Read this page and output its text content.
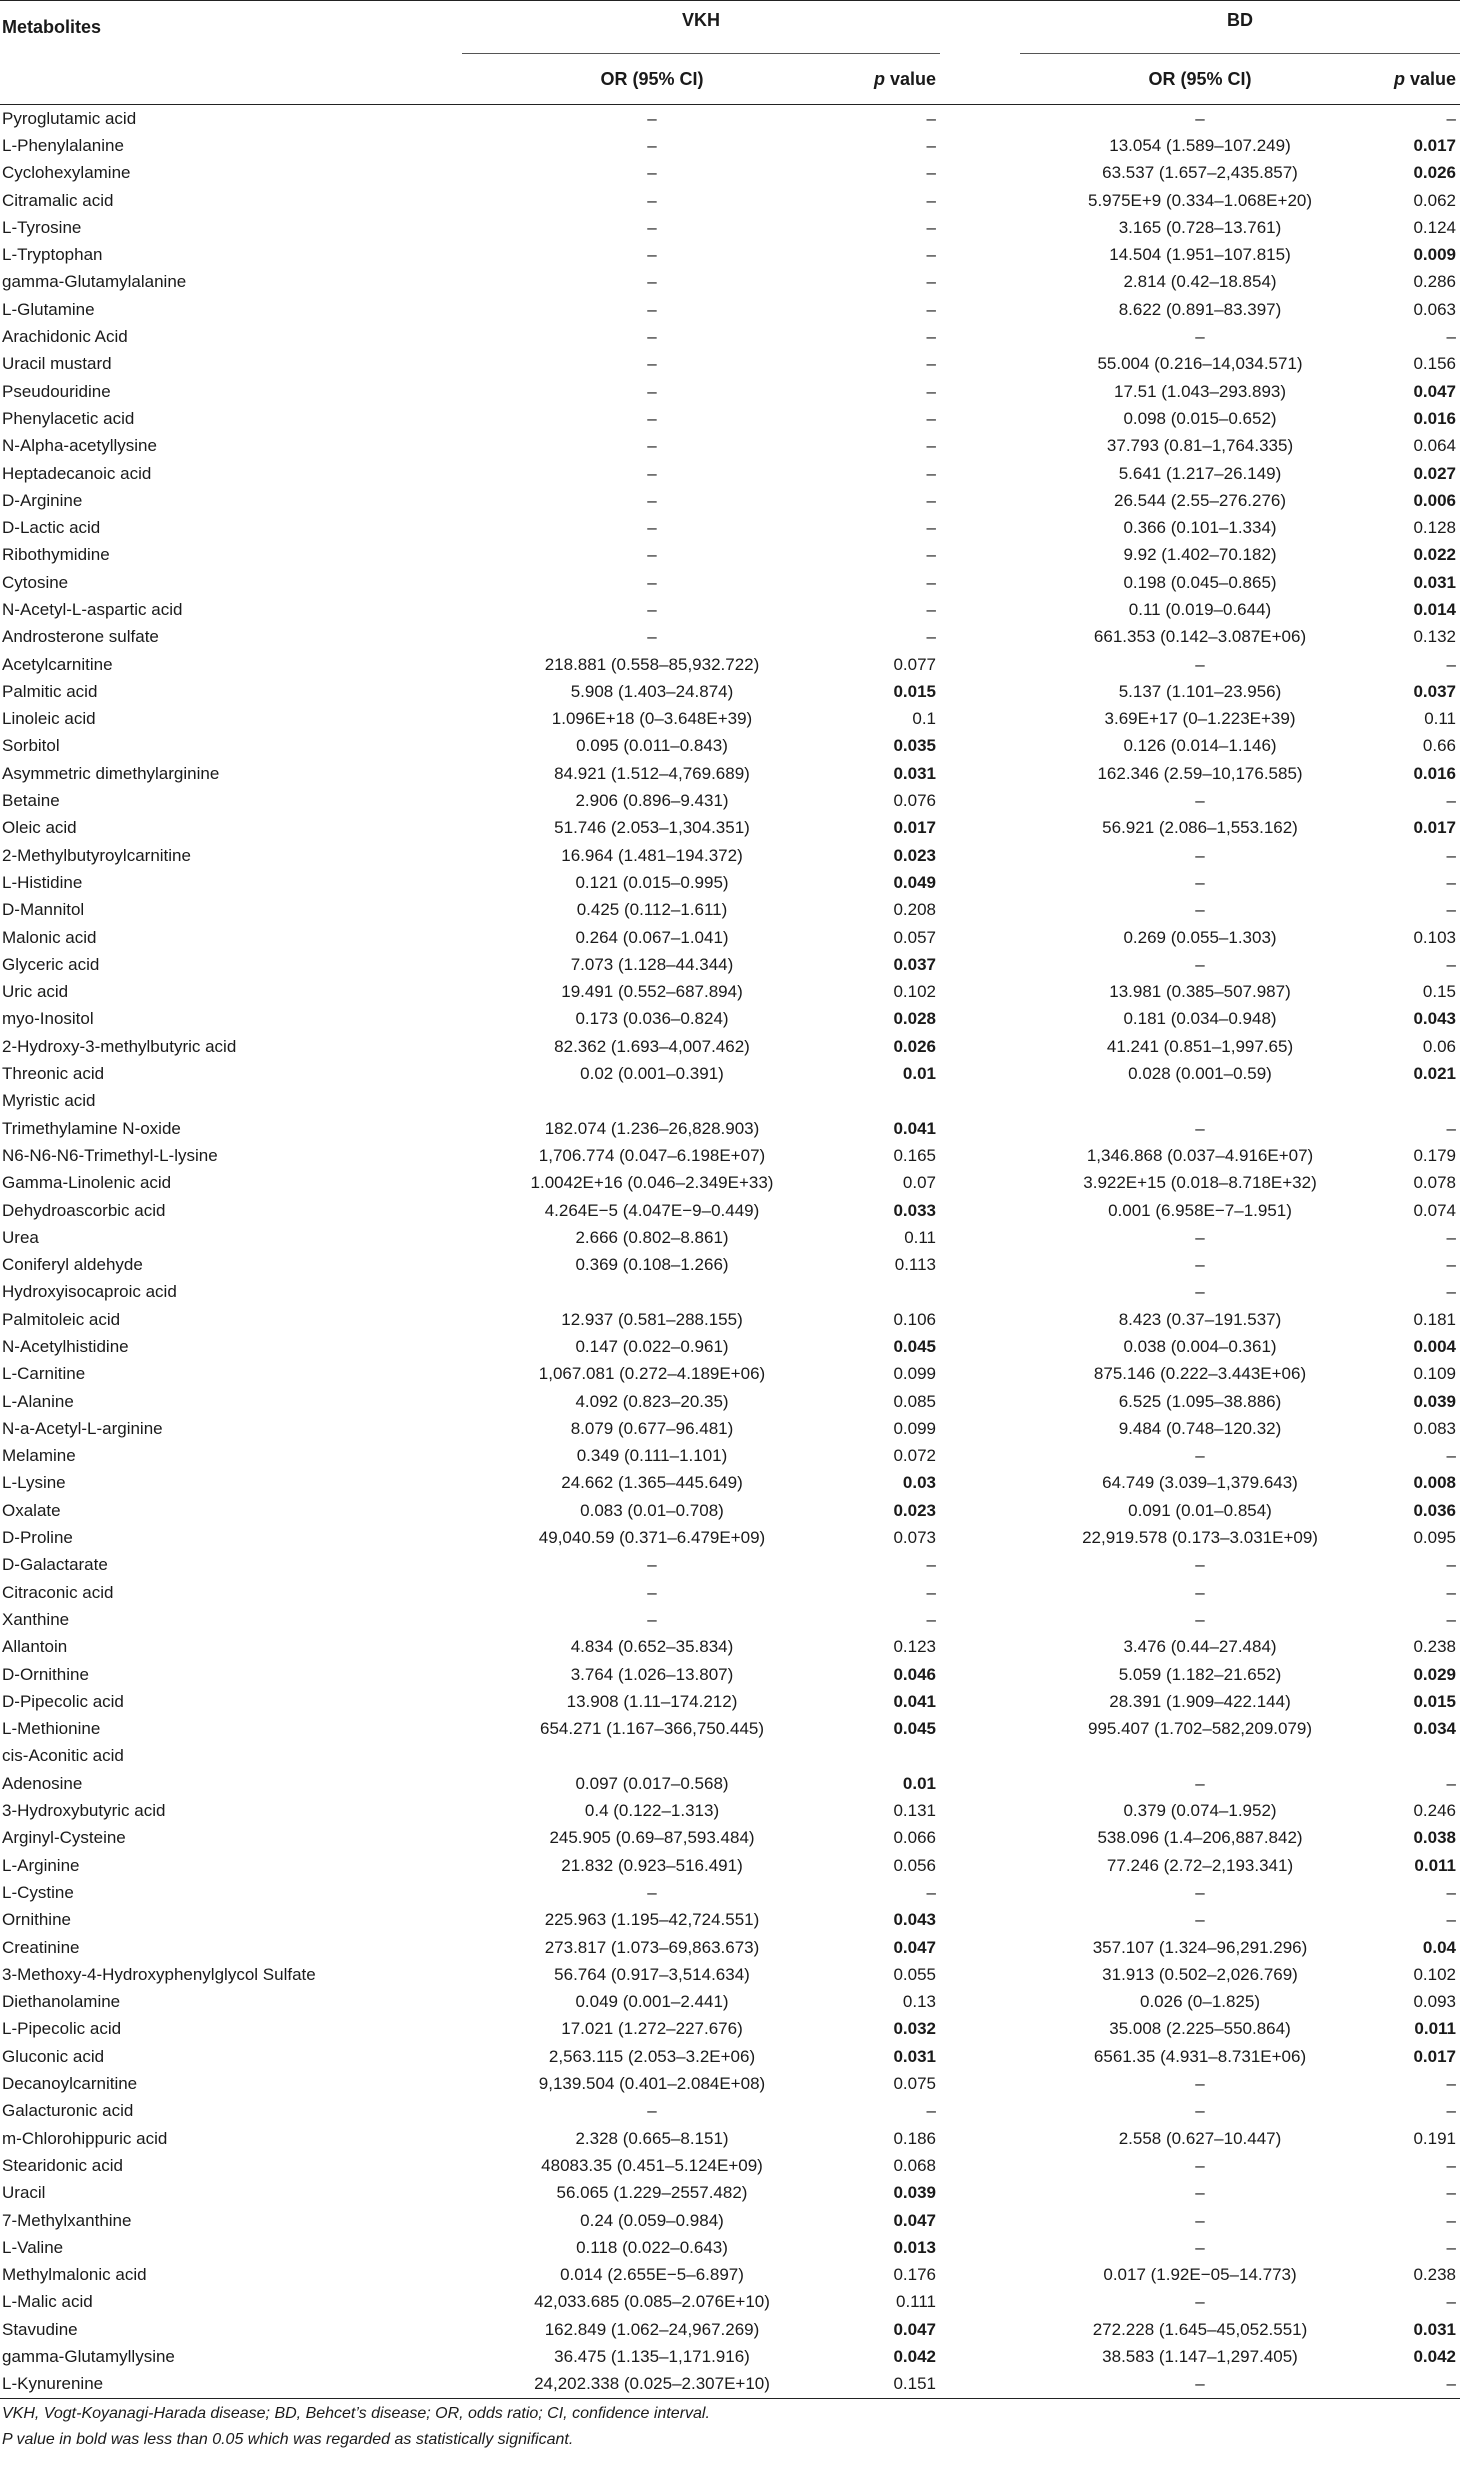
Metabolites	VKH			BD	

	OR (95% CI)	p value		OR (95% CI)	p value
Pyroglutamic acid	–	–		–	–
L-Phenylalanine	–	–		13.054 (1.589–107.249)	0.017
Cyclohexylamine	–	–		63.537 (1.657–2,435.857)	0.026
Citramalic acid	–	–		5.975E+9 (0.334–1.068E+20)	0.062
L-Tyrosine	–	–		3.165 (0.728–13.761)	0.124
L-Tryptophan	–	–		14.504 (1.951–107.815)	0.009
gamma-Glutamylalanine	–	–		2.814 (0.42–18.854)	0.286
L-Glutamine	–	–		8.622 (0.891–83.397)	0.063
Arachidonic Acid	–	–		–	–
Uracil mustard	–	–		55.004 (0.216–14,034.571)	0.156
Pseudouridine	–	–		17.51 (1.043–293.893)	0.047
Phenylacetic acid	–	–		0.098 (0.015–0.652)	0.016
N-Alpha-acetyllysine	–	–		37.793 (0.81–1,764.335)	0.064
Heptadecanoic acid	–	–		5.641 (1.217–26.149)	0.027
D-Arginine	–	–		26.544 (2.55–276.276)	0.006
D-Lactic acid	–	–		0.366 (0.101–1.334)	0.128
Ribothymidine	–	–		9.92 (1.402–70.182)	0.022
Cytosine	–	–		0.198 (0.045–0.865)	0.031
N-Acetyl-L-aspartic acid	–	–		0.11 (0.019–0.644)	0.014
Androsterone sulfate	–	–		661.353 (0.142–3.087E+06)	0.132
Acetylcarnitine	218.881 (0.558–85,932.722)	0.077		–	–
Palmitic acid	5.908 (1.403–24.874)	0.015		5.137 (1.101–23.956)	0.037
Linoleic acid	1.096E+18 (0–3.648E+39)	0.1		3.69E+17 (0–1.223E+39)	0.11
Sorbitol	0.095 (0.011–0.843)	0.035		0.126 (0.014–1.146)	0.66
Asymmetric dimethylarginine	84.921 (1.512–4,769.689)	0.031		162.346 (2.59–10,176.585)	0.016
Betaine	2.906 (0.896–9.431)	0.076		–	–
Oleic acid	51.746 (2.053–1,304.351)	0.017		56.921 (2.086–1,553.162)	0.017
2-Methylbutyroylcarnitine	16.964 (1.481–194.372)	0.023		–	–
L-Histidine	0.121 (0.015–0.995)	0.049		–	–
D-Mannitol	0.425 (0.112–1.611)	0.208		–	–
Malonic acid	0.264 (0.067–1.041)	0.057		0.269 (0.055–1.303)	0.103
Glyceric acid	7.073 (1.128–44.344)	0.037		–	–
Uric acid	19.491 (0.552–687.894)	0.102		13.981 (0.385–507.987)	0.15
myo-Inositol	0.173 (0.036–0.824)	0.028		0.181 (0.034–0.948)	0.043
2-Hydroxy-3-methylbutyric acid	82.362 (1.693–4,007.462)	0.026		41.241 (0.851–1,997.65)	0.06
Threonic acid	0.02 (0.001–0.391)	0.01		0.028 (0.001–0.59)	0.021
Myristic acid					
Trimethylamine N-oxide	182.074 (1.236–26,828.903)	0.041		–	–
N6-N6-N6-Trimethyl-L-lysine	1,706.774 (0.047–6.198E+07)	0.165		1,346.868 (0.037–4.916E+07)	0.179
Gamma-Linolenic acid	1.0042E+16 (0.046–2.349E+33)	0.07		3.922E+15 (0.018–8.718E+32)	0.078
Dehydroascorbic acid	4.264E−5 (4.047E−9–0.449)	0.033		0.001 (6.958E−7–1.951)	0.074
Urea	2.666 (0.802–8.861)	0.11		–	–
Coniferyl aldehyde	0.369 (0.108–1.266)	0.113		–	–
Hydroxyisocaproic acid				–	–
Palmitoleic acid	12.937 (0.581–288.155)	0.106		8.423 (0.37–191.537)	0.181
N-Acetylhistidine	0.147 (0.022–0.961)	0.045		0.038 (0.004–0.361)	0.004
L-Carnitine	1,067.081 (0.272–4.189E+06)	0.099		875.146 (0.222–3.443E+06)	0.109
L-Alanine	4.092 (0.823–20.35)	0.085		6.525 (1.095–38.886)	0.039
N-a-Acetyl-L-arginine	8.079 (0.677–96.481)	0.099		9.484 (0.748–120.32)	0.083
Melamine	0.349 (0.111–1.101)	0.072		–	–
L-Lysine	24.662 (1.365–445.649)	0.03		64.749 (3.039–1,379.643)	0.008
Oxalate	0.083 (0.01–0.708)	0.023		0.091 (0.01–0.854)	0.036
D-Proline	49,040.59 (0.371–6.479E+09)	0.073		22,919.578 (0.173–3.031E+09)	0.095
D-Galactarate	–	–		–	–
Citraconic acid	–	–		–	–
Xanthine	–	–		–	–
Allantoin	4.834 (0.652–35.834)	0.123		3.476 (0.44–27.484)	0.238
D-Ornithine	3.764 (1.026–13.807)	0.046		5.059 (1.182–21.652)	0.029
D-Pipecolic acid	13.908 (1.11–174.212)	0.041		28.391 (1.909–422.144)	0.015
L-Methionine	654.271 (1.167–366,750.445)	0.045		995.407 (1.702–582,209.079)	0.034
cis-Aconitic acid					
Adenosine	0.097 (0.017–0.568)	0.01		–	–
3-Hydroxybutyric acid	0.4 (0.122–1.313)	0.131		0.379 (0.074–1.952)	0.246
Arginyl-Cysteine	245.905 (0.69–87,593.484)	0.066		538.096 (1.4–206,887.842)	0.038
L-Arginine	21.832 (0.923–516.491)	0.056		77.246 (2.72–2,193.341)	0.011
L-Cystine	–	–		–	–
Ornithine	225.963 (1.195–42,724.551)	0.043		–	–
Creatinine	273.817 (1.073–69,863.673)	0.047		357.107 (1.324–96,291.296)	0.04
3-Methoxy-4-Hydroxyphenylglycol Sulfate	56.764 (0.917–3,514.634)	0.055		31.913 (0.502–2,026.769)	0.102
Diethanolamine	0.049 (0.001–2.441)	0.13		0.026 (0–1.825)	0.093
L-Pipecolic acid	17.021 (1.272–227.676)	0.032		35.008 (2.225–550.864)	0.011
Gluconic acid	2,563.115 (2.053–3.2E+06)	0.031		6561.35 (4.931–8.731E+06)	0.017
Decanoylcarnitine	9,139.504 (0.401–2.084E+08)	0.075		–	–
Galacturonic acid	–	–		–	–
m-Chlorohippuric acid	2.328 (0.665–8.151)	0.186		2.558 (0.627–10.447)	0.191
Stearidonic acid	48083.35 (0.451–5.124E+09)	0.068		–	–
Uracil	56.065 (1.229–2557.482)	0.039		–	–
7-Methylxanthine	0.24 (0.059–0.984)	0.047		–	–
L-Valine	0.118 (0.022–0.643)	0.013		–	–
Methylmalonic acid	0.014 (2.655E−5–6.897)	0.176		0.017 (1.92E−05–14.773)	0.238
L-Malic acid	42,033.685 (0.085–2.076E+10)	0.111		–	–
Stavudine	162.849 (1.062–24,967.269)	0.047		272.228 (1.645–45,052.551)	0.031
gamma-Glutamyllysine	36.475 (1.135–1,171.916)	0.042		38.583 (1.147–1,297.405)	0.042
L-Kynurenine	24,202.338 (0.025–2.307E+10)	0.151		–	–
VKH, Vogt-Koyanagi-Harada disease; BD, Behcet’s disease; OR, odds ratio; CI, confidence interval.
P value in bold was less than 0.05 which was regarded as statistically significant.
